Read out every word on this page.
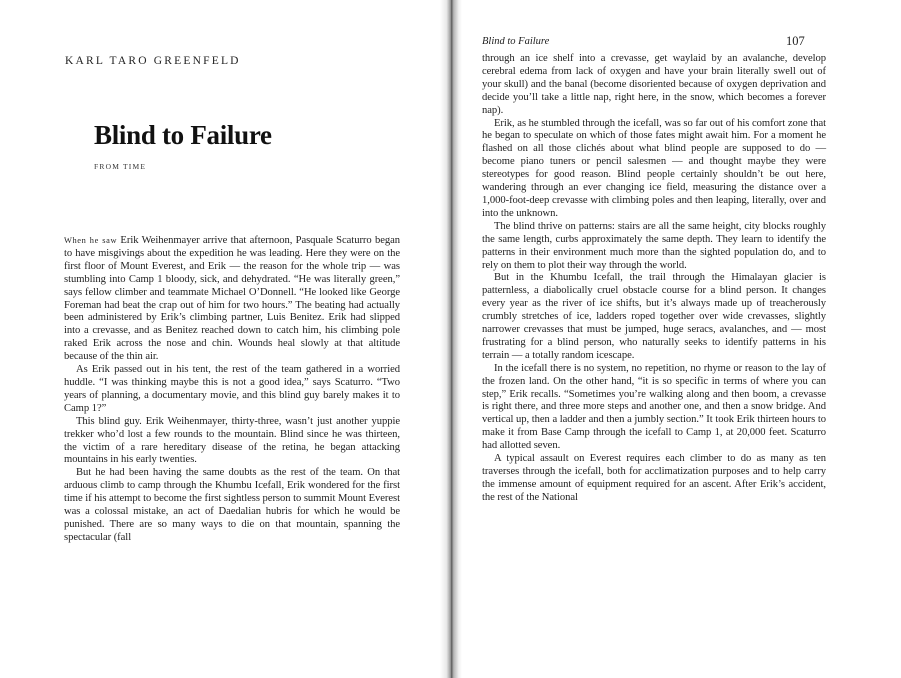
KARL TARO GREENFELD
Blind to Failure
FROM TIME

When he saw Erik Weihenmayer arrive that afternoon, Pasquale Scaturro began to have misgivings about the expedition he was leading. Here they were on the first floor of Mount Everest, and Erik — the reason for the whole trip — was stumbling into Camp 1 bloody, sick, and dehydrated. “He was literally green,” says fellow climber and teammate Michael O’Donnell. “He looked like George Foreman had beat the crap out of him for two hours.” The beating had actually been administered by Erik’s climbing partner, Luis Benitez. Erik had slipped into a crevasse, and as Benitez reached down to catch him, his climbing pole raked Erik across the nose and chin. Wounds heal slowly at that altitude because of the thin air.

As Erik passed out in his tent, the rest of the team gathered in a worried huddle. “I was thinking maybe this is not a good idea,” says Scaturro. “Two years of planning, a documentary movie, and this blind guy barely makes it to Camp 1?”

This blind guy. Erik Weihenmayer, thirty-three, wasn’t just another yuppie trekker who’d lost a few rounds to the mountain. Blind since he was thirteen, the victim of a rare hereditary disease of the retina, he began attacking mountains in his early twenties.

But he had been having the same doubts as the rest of the team. On that arduous climb to camp through the Khumbu Icefall, Erik wondered for the first time if his attempt to become the first sightless person to summit Mount Everest was a colossal mistake, an act of Daedalian hubris for which he would be punished. There are so many ways to die on that mountain, spanning the spectacular (fall

Blind to Failure	107

through an ice shelf into a crevasse, get waylaid by an avalanche, develop cerebral edema from lack of oxygen and have your brain literally swell out of your skull) and the banal (become disoriented because of oxygen deprivation and decide you’ll take a little nap, right here, in the snow, which becomes a forever nap).

Erik, as he stumbled through the icefall, was so far out of his comfort zone that he began to speculate on which of those fates might await him. For a moment he flashed on all those clichés about what blind people are supposed to do — become piano tuners or pencil salesmen — and thought maybe they were stereotypes for good reason. Blind people certainly shouldn’t be out here, wandering through an ever changing ice field, measuring the distance over a 1,000-foot-deep crevasse with climbing poles and then leaping, literally, over and into the unknown.

The blind thrive on patterns: stairs are all the same height, city blocks roughly the same length, curbs approximately the same depth. They learn to identify the patterns in their environment much more than the sighted population do, and to rely on them to plot their way through the world.

But in the Khumbu Icefall, the trail through the Himalayan glacier is patternless, a diabolically cruel obstacle course for a blind person. It changes every year as the river of ice shifts, but it’s always made up of treacherously crumbly stretches of ice, ladders roped together over wide crevasses, slightly narrower crevasses that must be jumped, huge seracs, avalanches, and — most frustrating for a blind person, who naturally seeks to identify patterns in his terrain — a totally random icescape.

In the icefall there is no system, no repetition, no rhyme or reason to the lay of the frozen land. On the other hand, “it is so specific in terms of where you can step,” Erik recalls. “Sometimes you’re walking along and then boom, a crevasse is right there, and three more steps and another one, and then a snow bridge. And vertical up, then a ladder and then a jumbly section.” It took Erik thirteen hours to make it from Base Camp through the icefall to Camp 1, at 20,000 feet. Scaturro had allotted seven.

A typical assault on Everest requires each climber to do as many as ten traverses through the icefall, both for acclimatization purposes and to help carry the immense amount of equipment required for an ascent. After Erik’s accident, the rest of the National
